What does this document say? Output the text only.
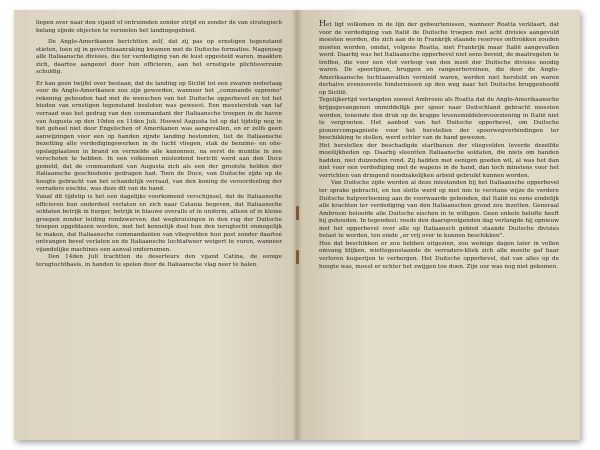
liepen over naar den vijand of ontruimden zonder strijd en zonder de van strategisch belang zijnde objecten te vernielen het landingsgebied.

De Anglo-Amerikanen berichtten zelf, dat zij pas op ernstigen tegenstand stieten, toen zij in gevechtsaanraking kwamen met de Duitsche formaties. Nagenoeg alle Italiaansche divisies, die ter verdediging van de kust opgesteld waren, maakten zich, daartoe aangezet door hun officieren, aan het ernstigste plichtsverzuim schuldig.

Er kan geen twijfel over bestaan, dat de landing op Sicilië tot een zwaren nederlaag voor de Anglo-Amerikanen zou zijn geworden, wanneer het „commando supremo" rekening gehouden had met de wenschen van het Duitsche opperbevel en tot het bieden van ernstigen tegenstand besloten was geweest. Een meesterstuk van laf verraad was het gedrag van den commandant der Italiaansche troepen in de haven van Augusta op den 10den en 11den Juli. Hoewel Augusta tot op dat tijdstip nog in het geheel niet door Engelschen of Amerikanen was aangevallen, en er zelfs geen aanwijzingen voor een op handen zijnde landing bestonden, liet de Italiaansche bezetting alle verdedigingswerken in de lucht vliegen, stak de benzine- en olie-opslagplaatsen in brand en vernielde alle kanonnen, na eerst de munitie in zee verschoten te hebben. In een volkomen misleidend bericht werd aan den Duce gemeld, dat de commandant van Augusta zich als een der grootste helden der Italiaansche geschiedenis gedragen had. Toen de Duce, van Duitsche zijde op de hoogte gebracht van het schandelijk verraad, van den koning de veroordeeling der verraders eischte, was deze dit van de hand.

Vanaf dit tijdstip is het een dagelijks voorkomend verschijnsel, dat de Italiaansche officieren hun onderdeel verlaten en zich naar Catania begeven, dat Italiaansche soldaten betrijk in burger, betrijk in blauwe overalls of in uniform, alleen of in kleine groepen zonder leiding rondzwerven, dat wegkruisingen in den rug der Duitsche troepen opgeblazen worden, met het kennelijk doel hun den terugtocht onmogelijk te maken, dat Italiaansche commandanten van vliegvelden hun post zonder daartoe ontvangen bevel verlaten en de Italiaansche luchtafweer weigert te vuren, wanneer vijandelijke machines een aanval ondernemen.

Den 14den Juli trachtten de deserteurs den vijand Catina, de eenige terugtochtbasis, in handen te spelen door de Italiaansche vlag neer te halen.

Het ligt volkomen in de lijn der gebeurtenissen, wanneer Roatta verklaart, dat voor de verdediging van Italië de Duitsche troepen met acht divisies aangevuld moesten worden, die zich aan de in Frankrijk staande reserves onttrokken zouden moeten worden, omdat, volgens Roatta, niet Frankrijk maar Italië aangevallen werd. Daarbij was het Italiaansche opperbevel niet eens bereid, de maatregelen te treffen, die voor een vlot verloop van den inzet der Duitsche divisies noodig waren. De spoorlijnen, bruggen en rangeerterreinen, die door de Anglo-Amerikaansche luchtaanvallen vernield waren, werden niet hersteld en waren derhalve evenzoovele hindernissen op den weg naar het Duitsche bruggenhoofd op Sicilië.

Tegelijkertijd verlangden zoowel Ambrosio als Roatta dat de Anglo-Amerikaansche krijgsgevangenen onmiddellijk per spoor naar Duitschland gebracht moesten worden, teneinde den druk op de krappe levensmiddelenvoorziening in Italië niet te vergrooten. Het aanbod van het Duitsche opperbevel, om Duitsche pioniercompagnieën voor het herstellen der spoorwegverbindingen ter beschikking te stellen, werd echter van de hand gewezen.

Het herstellen der beschadigde startbanen der vliegvelden leverde dezelfde moeilijkheden op. Daarbij sleentten Italiaansche soldaten, die niets om handen hadden, niet duizenden rond. Zij hadden met eenigen goeden wil, al was het dan niet voor een verdediging met de wapens in de hand, dan toch minstens voor het verrichten van dringend noodzakelijken arbeid gebruikt kunnen worden.

Van Duitsche zijde werden al deze misstanden bij het Italiaansche opperbevel ter sprake gebracht, en ten slotte werd op niet mis te verstane wijze de verdere Duitsche hulpverleening aan de voorwaarde gebonden, dat Italië nu eens eindelijk alle krachten ter verdediging van den Italiaanschen grond zou inzetten. Generaal Ambrosio beloofde alle Duitsche eischen in te willigen. Geen enkele belofte heeft hij gehouden. In tegendeel: reeds den daaropvolgenden dag verlangde hij opnieuw met het opperbevel over alle op Italiaansch gebied staande Duitsche divisies belast te worden, ten einde „er vrij over te kunnen beschikken".

Hoe dat beschikken er zou hebben uitgezien, zou weinige dagen later in vollen omvang blijken, wiettegenstaande de verraders-kliek zich alle moeite gaf haar verloren kuiperijen te verbergen. Het Duitsche opperbevel, dat van alles op de hoogte was, moest er echter het zwijgen toe doen. Zijn uur was nog niet gekomen.
